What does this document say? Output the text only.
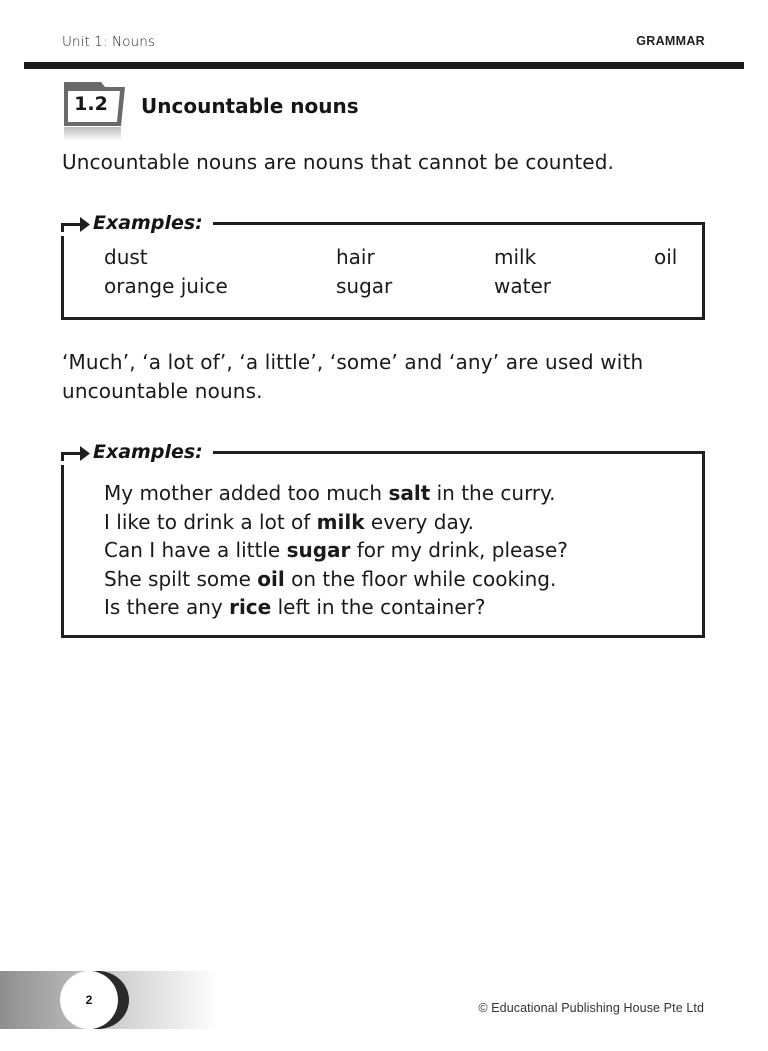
Unit 1: Nouns	GRAMMAR
1.2	Uncountable nouns
Uncountable nouns are nouns that cannot be counted.
Examples:
dust	hair	milk	oil
orange juice	sugar	water
‘Much’, ‘a lot of’, ‘a little’, ‘some’ and ‘any’ are used with
uncountable nouns.
Examples:
My mother added too much salt in the curry.
I like to drink a lot of milk every day.
Can I have a little sugar for my drink, please?
She spilt some oil on the floor while cooking.
Is there any rice left in the container?
2
© Educational Publishing House Pte Ltd
